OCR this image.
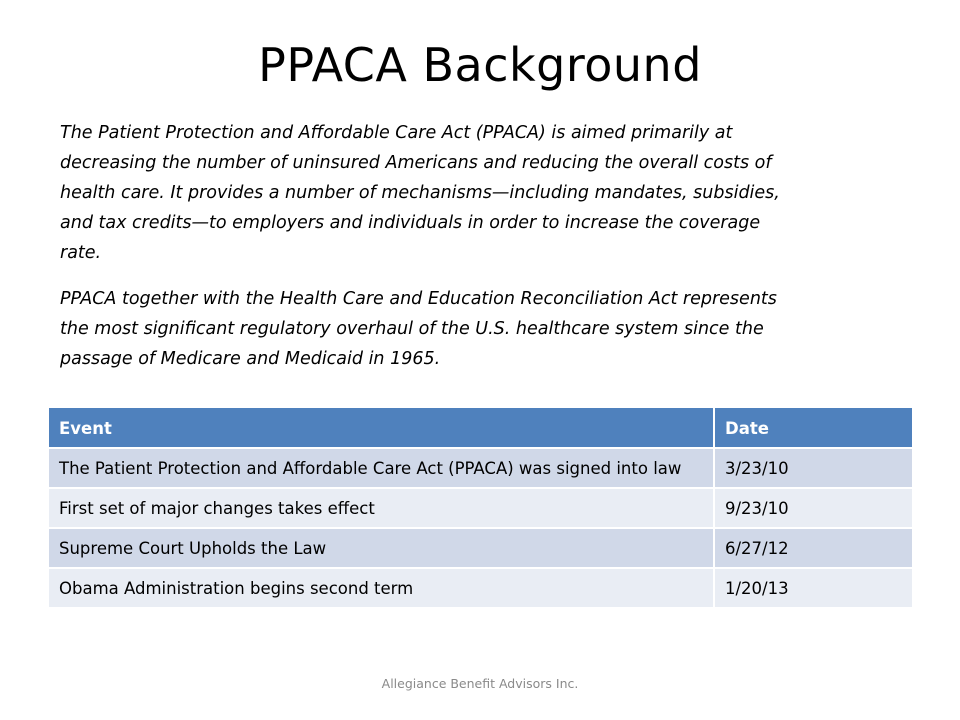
PPACA Background

The Patient Protection and Affordable Care Act (PPACA) is aimed primarily at decreasing the number of uninsured Americans and reducing the overall costs of health care. It provides a number of mechanisms—including mandates, subsidies, and tax credits—to employers and individuals in order to increase the coverage rate.

PPACA together with the Health Care and Education Reconciliation Act represents the most significant regulatory overhaul of the U.S. healthcare system since the passage of Medicare and Medicaid in 1965.

Event	Date
The Patient Protection and Affordable Care Act (PPACA) was signed into law	3/23/10
First set of major changes takes effect	9/23/10
Supreme Court Upholds the Law	6/27/12
Obama Administration begins second term	1/20/13
Allegiance Benefit Advisors Inc.
